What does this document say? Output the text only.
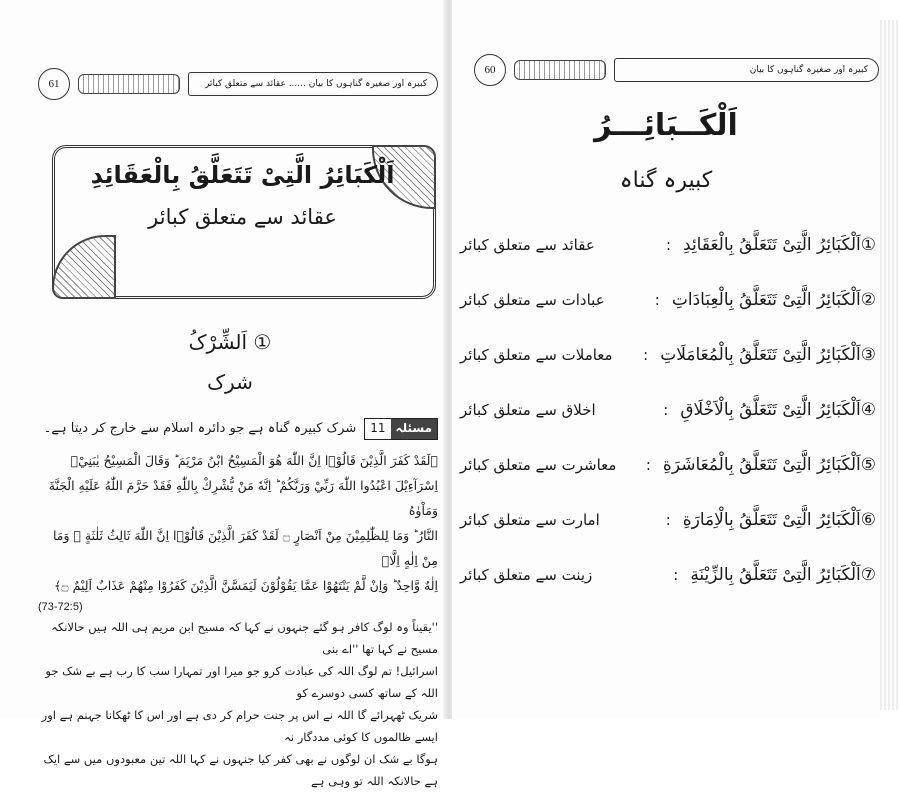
61	کبیرہ اور صغیرہ گناہوں کا بیان ...... عقائد سے متعلق کبائر
اَلْکَبَائِرُ الَّتِیْ تَتَعَلَّقُ بِالْعَقَائِدِ
عقائد سے متعلق کبائر
① اَلشِّرْکُ
شرک
11 مسئلہ
شرک کبیرہ گناہ ہے جو دائرہ اسلام سے خارج کر دیتا ہے۔
﴿لَقَدْ كَفَرَ الَّذِيْنَ قَالُوْۤا اِنَّ اللّٰهَ هُوَ الْمَسِيْحُ ابْنُ مَرْيَمَ ؕ وَقَالَ الْمَسِيْحُ يٰبَنِيْۤ
اِسْرَآءِيْلَ اعْبُدُوا اللّٰهَ رَبِّيْ وَرَبَّكُمْ ؕ اِنَّهٗ مَنْ يُّشْرِكْ بِاللّٰهِ فَقَدْ حَرَّمَ اللّٰهُ عَلَيْهِ الْجَنَّةَ وَمَاْوٰهُ
النَّارُ ؕ وَمَا لِلظّٰلِمِيْنَ مِنْ اَنْصَارٍ ۝ لَقَدْ كَفَرَ الَّذِيْنَ قَالُوْۤا اِنَّ اللّٰهَ ثَالِثُ ثَلٰثَةٍ ۘ وَمَا مِنْ اِلٰهٍ اِلَّاۤ
اِلٰهٌ وَّاحِدٌ ؕ وَاِنْ لَّمْ يَنْتَهُوْا عَمَّا يَقُوْلُوْنَ لَيَمَسَّنَّ الَّذِيْنَ كَفَرُوْا مِنْهُمْ عَذَابٌ اَلِيْمٌ ۝﴾
(73-72:5)
''یقیناً وہ لوگ کافر ہو گئے جنہوں نے کہا کہ مسیح ابن مریم ہی اللہ ہیں حالانکہ مسیح نے کہا تھا ''اے بنی
اسرائیل! تم لوگ اللہ کی عبادت کرو جو میرا اور تمہارا سب کا رب ہے بے شک جو اللہ کے ساتھ کسی دوسرے کو
شریک ٹھہرائے گا اللہ نے اس پر جنت حرام کر دی ہے اور اس کا ٹھکانا جہنم ہے اور ایسے ظالموں کا کوئی مددگار نہ
ہوگا بے شک ان لوگوں نے بھی کفر کیا جنہوں نے کہا اللہ تین معبودوں میں سے ایک ہے حالانکہ اللہ تو وہی ہے
60	کبیرہ اور صغیرہ گناہوں کا بیان
اَلْکَــبَائِـــرُ
کبیرہ گناہ
①اَلْکَبَائِرُ الَّتِیْ تَتَعَلَّقُ بِالْعَقَائِدِ
:
عقائد سے متعلق کبائر
②اَلْکَبَائِرُ الَّتِیْ تَتَعَلَّقُ بِالْعِبَادَاتِ
:
عبادات سے متعلق کبائر
③اَلْکَبَائِرُ الَّتِیْ تَتَعَلَّقُ بِالْمُعَامَلَاتِ
:
معاملات سے متعلق کبائر
④اَلْکَبَائِرُ الَّتِیْ تَتَعَلَّقُ بِالْاَخْلَاقِ
:
اخلاق سے متعلق کبائر
⑤اَلْکَبَائِرُ الَّتِیْ تَتَعَلَّقُ بِالْمُعَاشَرَةِ
:
معاشرت سے متعلق کبائر
⑥اَلْکَبَائِرُ الَّتِیْ تَتَعَلَّقُ بِالْاِمَارَةِ
:
امارت سے متعلق کبائر
⑦اَلْکَبَائِرُ الَّتِیْ تَتَعَلَّقُ بِالزِّیْنَةِ
:
زینت سے متعلق کبائر
